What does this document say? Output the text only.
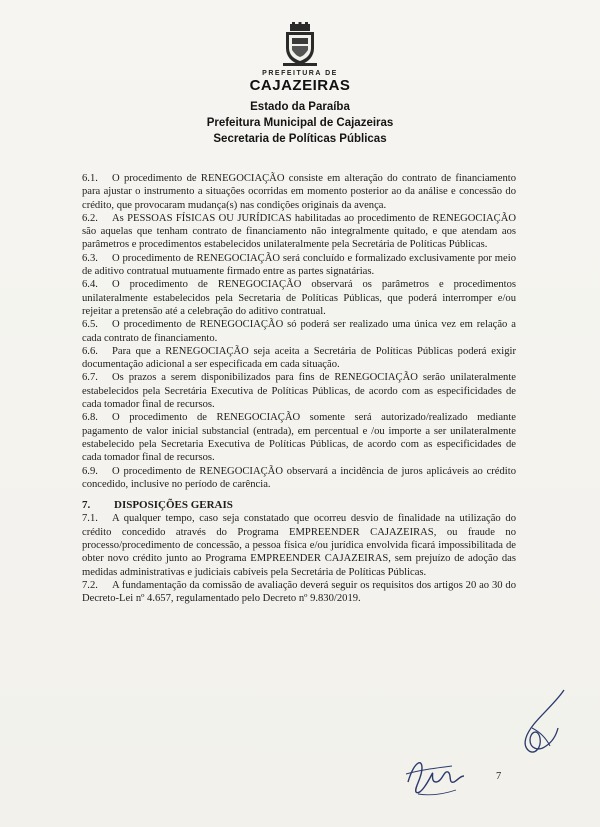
PREFEITURA DE
CAJAZEIRAS
Estado da Paraíba
Prefeitura Municipal de Cajazeiras
Secretaria de Políticas Públicas

6.1. O procedimento de RENEGOCIAÇÃO consiste em alteração do contrato de financiamento para ajustar o instrumento a situações ocorridas em momento posterior ao da análise e concessão do crédito, que provocaram mudança(s) nas condições originais da avença.

6.2. As PESSOAS FÍSICAS OU JURÍDICAS habilitadas ao procedimento de RENEGOCIAÇÃO são aquelas que tenham contrato de financiamento não integralmente quitado, e que atendam aos parâmetros e procedimentos estabelecidos unilateralmente pela Secretária de Políticas Públicas.

6.3. O procedimento de RENEGOCIAÇÃO será concluído e formalizado exclusivamente por meio de aditivo contratual mutuamente firmado entre as partes signatárias.

6.4. O procedimento de RENEGOCIAÇÃO observará os parâmetros e procedimentos unilateralmente estabelecidos pela Secretaria de Políticas Públicas, que poderá interromper e/ou rejeitar a pretensão até a celebração do aditivo contratual.

6.5. O procedimento de RENEGOCIAÇÃO só poderá ser realizado uma única vez em relação a cada contrato de financiamento.

6.6. Para que a RENEGOCIAÇÃO seja aceita a Secretária de Políticas Públicas poderá exigir documentação adicional a ser especificada em cada situação.

6.7. Os prazos a serem disponibilizados para fins de RENEGOCIAÇÃO serão unilateralmente estabelecidos pela Secretária Executiva de Políticas Públicas, de acordo com as especificidades de cada tomador final de recursos.

6.8. O procedimento de RENEGOCIAÇÃO somente será autorizado/realizado mediante pagamento de valor inicial substancial (entrada), em percentual e /ou importe a ser unilateralmente estabelecido pela Secretaria Executiva de Políticas Públicas, de acordo com as especificidades de cada tomador final de recursos.

6.9. O procedimento de RENEGOCIAÇÃO observará a incidência de juros aplicáveis ao crédito concedido, inclusive no período de carência.

7. DISPOSIÇÕES GERAIS

7.1. A qualquer tempo, caso seja constatado que ocorreu desvio de finalidade na utilização do crédito concedido através do Programa EMPREENDER CAJAZEIRAS, ou fraude no processo/procedimento de concessão, a pessoa física e/ou jurídica envolvida ficará impossibilitada de obter novo crédito junto ao Programa EMPREENDER CAJAZEIRAS, sem prejuízo de adoção das medidas administrativas e judiciais cabíveis pela Secretária de Políticas Públicas.

7.2. A fundamentação da comissão de avaliação deverá seguir os requisitos dos artigos 20 ao 30 do Decreto-Lei nº 4.657, regulamentado pelo Decreto nº 9.830/2019.

7
